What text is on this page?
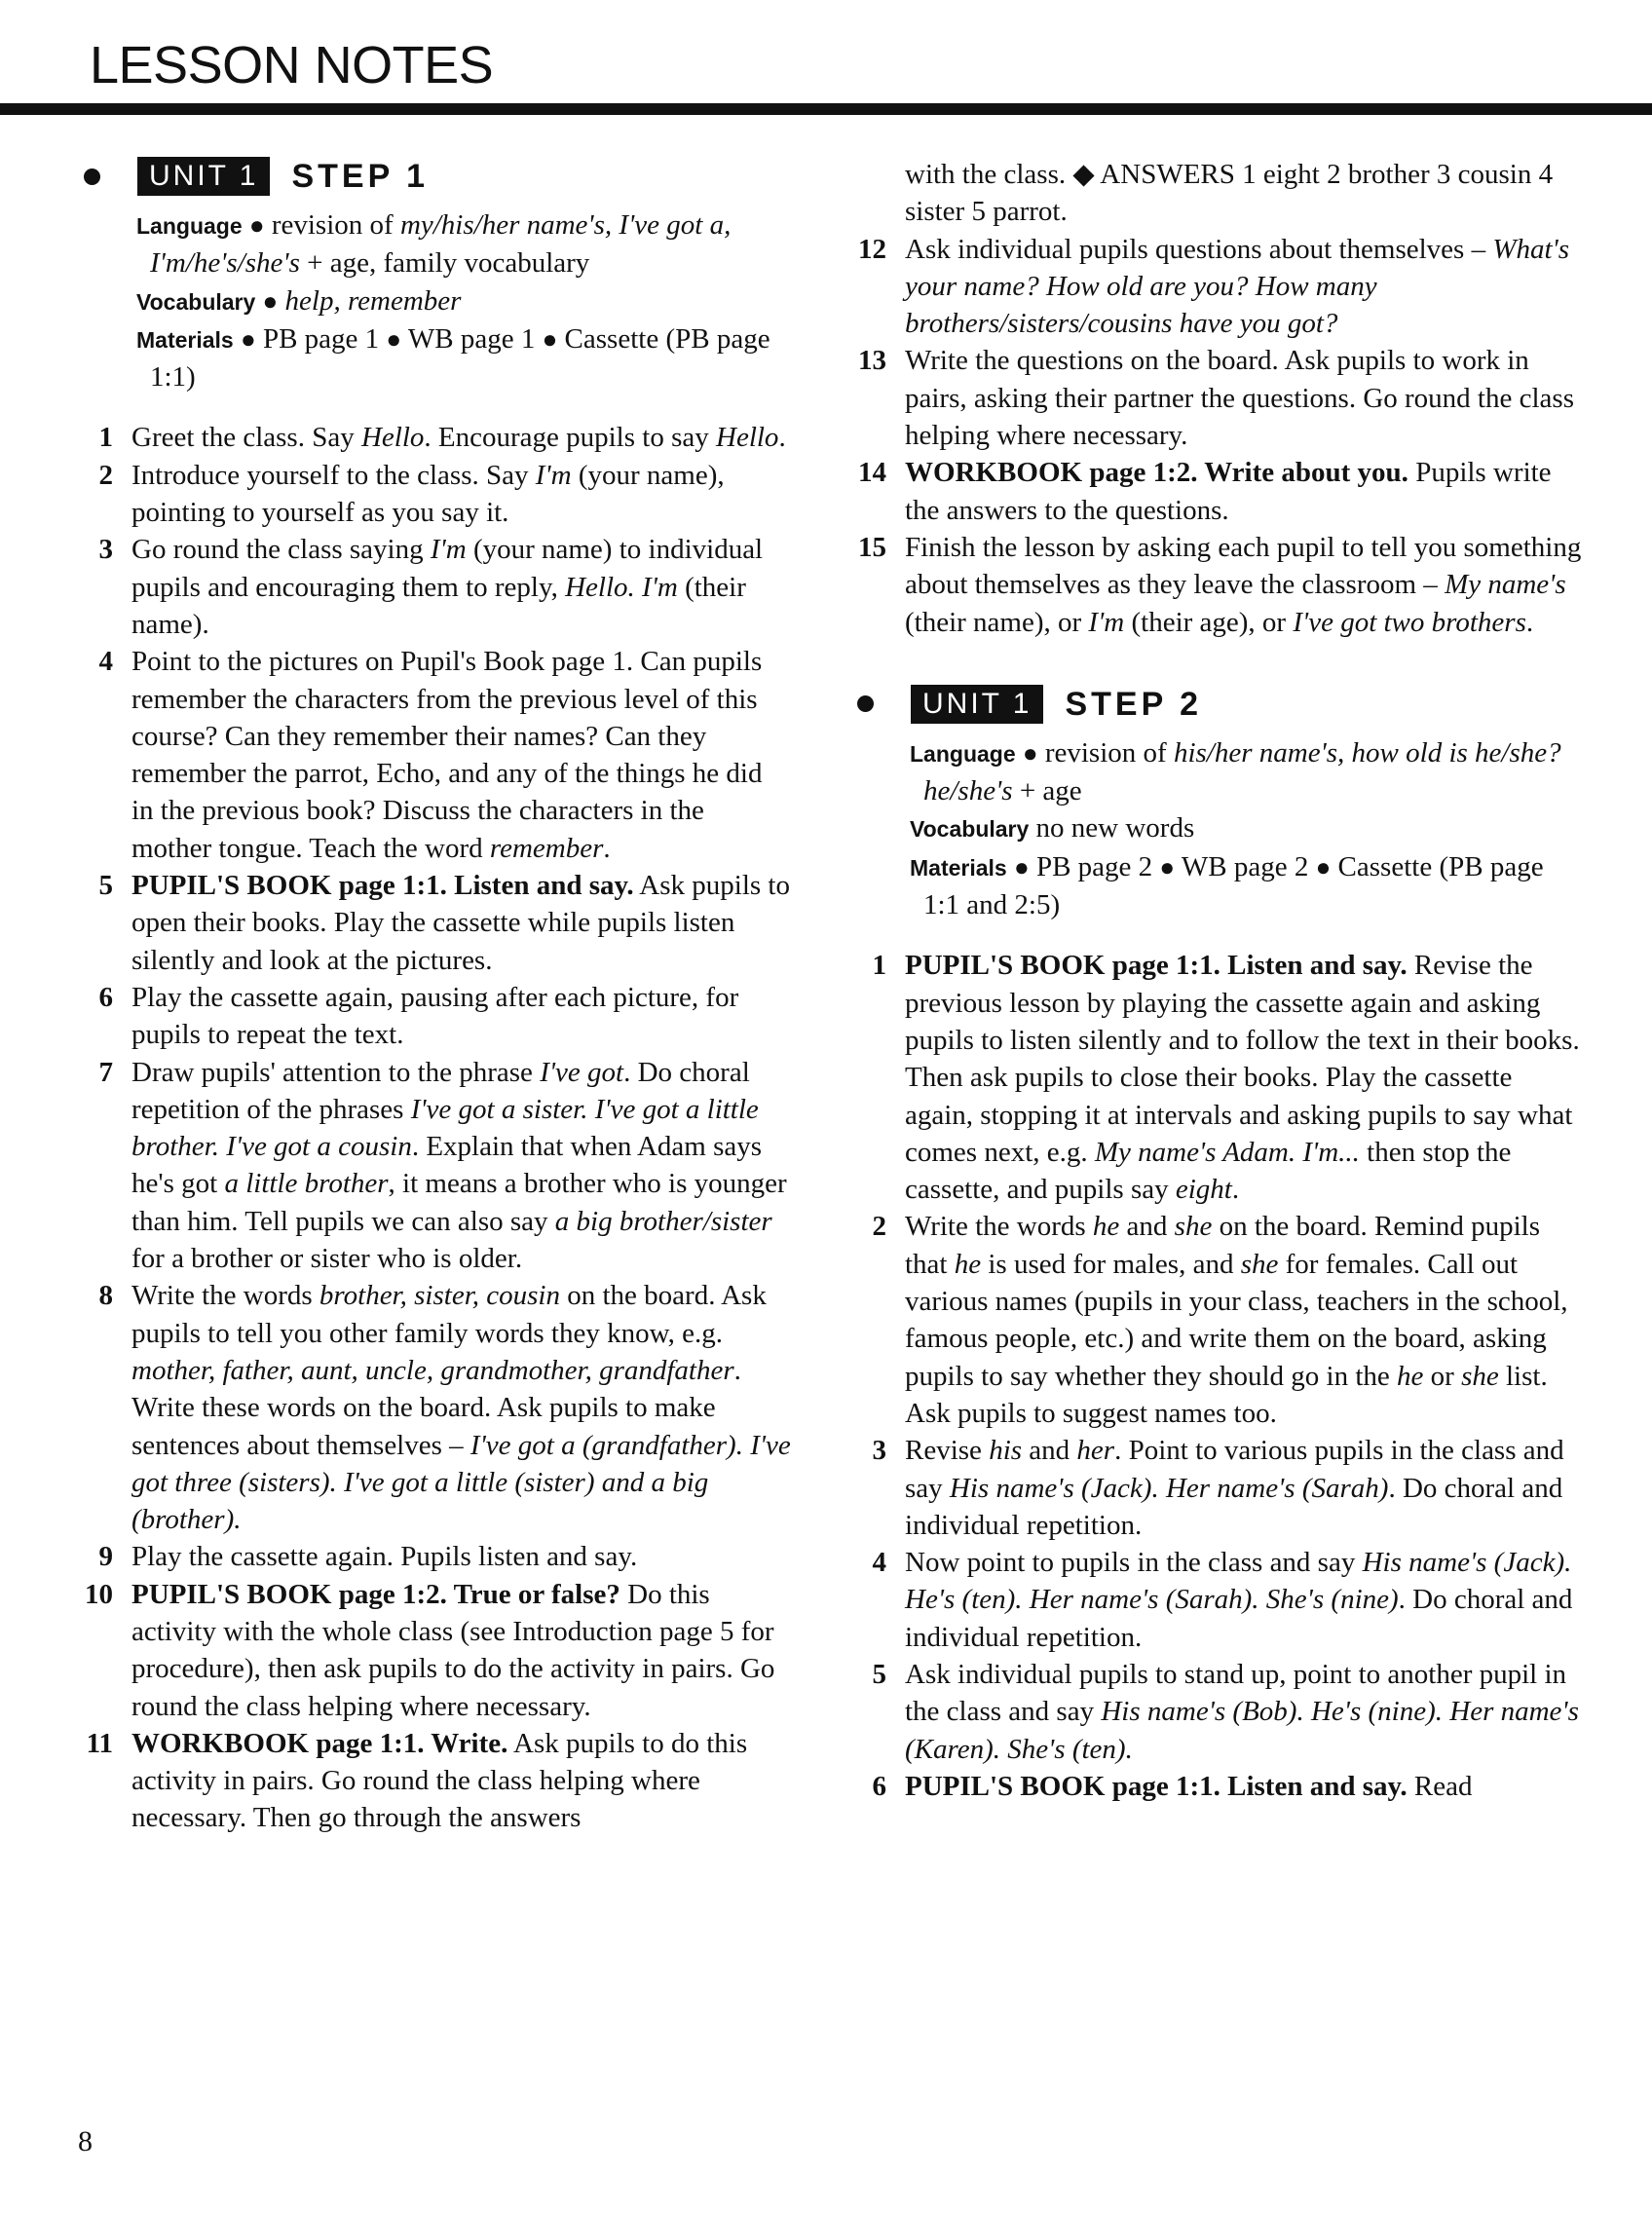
LESSON NOTES
UNIT 1	STEP 1

Language ● revision of my/his/her name's, I've got a, I'm/he's/she's + age, family vocabulary

Vocabulary ● help, remember

Materials ● PB page 1 ● WB page 1 ● Cassette (PB page 1:1)

1 Greet the class. Say Hello. Encourage pupils to say Hello.
2 Introduce yourself to the class. Say I'm (your name), pointing to yourself as you say it.
3 Go round the class saying I'm (your name) to individual pupils and encouraging them to reply, Hello. I'm (their name).
4 Point to the pictures on Pupil's Book page 1. Can pupils remember the characters from the previous level of this course? Can they remember their names? Can they remember the parrot, Echo, and any of the things he did in the previous book? Discuss the characters in the mother tongue. Teach the word remember.
5 PUPIL'S BOOK page 1:1. Listen and say. Ask pupils to open their books. Play the cassette while pupils listen silently and look at the pictures.
6 Play the cassette again, pausing after each picture, for pupils to repeat the text.
7 Draw pupils' attention to the phrase I've got. Do choral repetition of the phrases I've got a sister. I've got a little brother. I've got a cousin. Explain that when Adam says he's got a little brother, it means a brother who is younger than him. Tell pupils we can also say a big brother/sister for a brother or sister who is older.
8 Write the words brother, sister, cousin on the board. Ask pupils to tell you other family words they know, e.g. mother, father, aunt, uncle, grandmother, grandfather. Write these words on the board. Ask pupils to make sentences about themselves – I've got a (grandfather). I've got three (sisters). I've got a little (sister) and a big (brother).
9 Play the cassette again. Pupils listen and say.
10 PUPIL'S BOOK page 1:2. True or false? Do this activity with the whole class (see Introduction page 5 for procedure), then ask pupils to do the activity in pairs. Go round the class helping where necessary.
11 WORKBOOK page 1:1. Write. Ask pupils to do this activity in pairs. Go round the class helping where necessary. Then go through the answers
with the class. ◆ ANSWERS 1 eight 2 brother 3 cousin 4 sister 5 parrot.
12 Ask individual pupils questions about themselves – What's your name? How old are you? How many brothers/sisters/cousins have you got?
13 Write the questions on the board. Ask pupils to work in pairs, asking their partner the questions. Go round the class helping where necessary.
14 WORKBOOK page 1:2. Write about you. Pupils write the answers to the questions.
15 Finish the lesson by asking each pupil to tell you something about themselves as they leave the classroom – My name's (their name), or I'm (their age), or I've got two brothers.
UNIT 1	STEP 2

Language ● revision of his/her name's, how old is he/she? he/she's + age

Vocabulary no new words

Materials ● PB page 2 ● WB page 2 ● Cassette (PB page 1:1 and 2:5)

1 PUPIL'S BOOK page 1:1. Listen and say. Revise the previous lesson by playing the cassette again and asking pupils to listen silently and to follow the text in their books. Then ask pupils to close their books. Play the cassette again, stopping it at intervals and asking pupils to say what comes next, e.g. My name's Adam. I'm... then stop the cassette, and pupils say eight.
2 Write the words he and she on the board. Remind pupils that he is used for males, and she for females. Call out various names (pupils in your class, teachers in the school, famous people, etc.) and write them on the board, asking pupils to say whether they should go in the he or she list. Ask pupils to suggest names too.
3 Revise his and her. Point to various pupils in the class and say His name's (Jack). Her name's (Sarah). Do choral and individual repetition.
4 Now point to pupils in the class and say His name's (Jack). He's (ten). Her name's (Sarah). She's (nine). Do choral and individual repetition.
5 Ask individual pupils to stand up, point to another pupil in the class and say His name's (Bob). He's (nine). Her name's (Karen). She's (ten).
6 PUPIL'S BOOK page 1:1. Listen and say. Read
8
